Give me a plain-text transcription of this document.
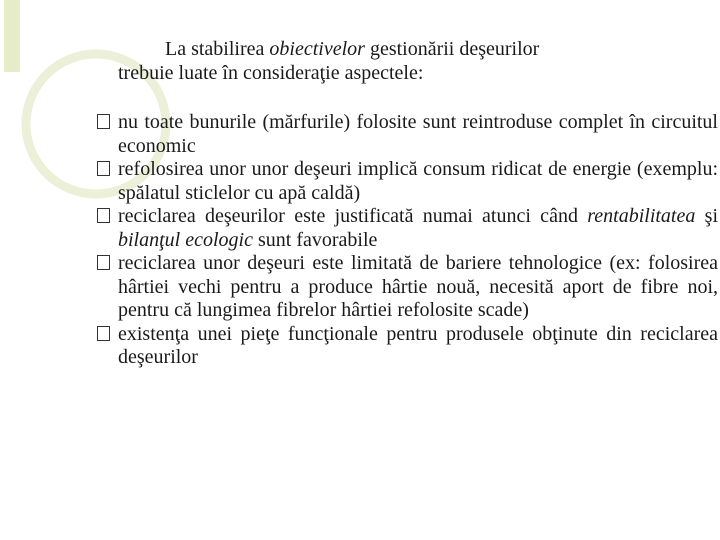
La stabilirea obiectivelor gestionării deşeurilor
trebuie luate în consideraţie aspectele:

nu toate bunurile (mărfurile) folosite sunt reintroduse complet în circuitul economic
refolosirea unor unor deşeuri implică consum ridicat de energie (exemplu: spălatul sticlelor cu apă caldă)
reciclarea deşeurilor este justificată numai atunci când rentabilitatea şi bilanţul ecologic sunt favorabile
reciclarea unor deşeuri este limitată de bariere tehnologice (ex: folosirea hârtiei vechi pentru a produce hârtie nouă, necesită aport de fibre noi, pentru că lungimea fibrelor hârtiei refolosite scade)
existenţa unei pieţe funcţionale pentru produsele obţinute din reciclarea deşeurilor
